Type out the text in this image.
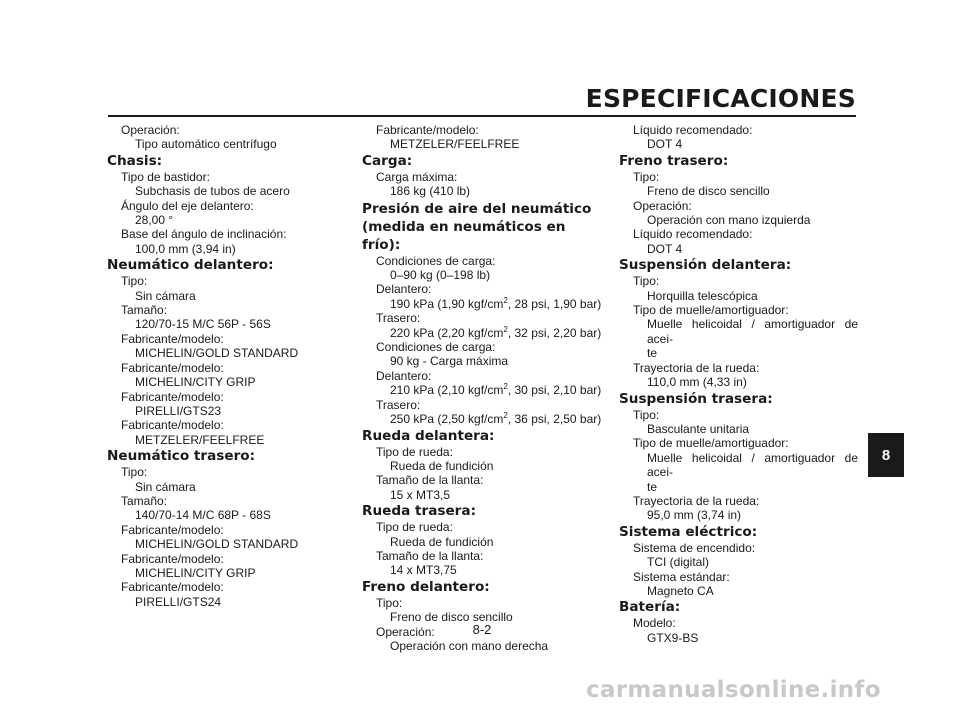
ESPECIFICACIONES
Operación:
Tipo automático centrífugo
Chasis:
Tipo de bastidor:
Subchasis de tubos de acero
Ángulo del eje delantero:
28,00 °
Base del ángulo de inclinación:
100,0 mm (3,94 in)
Neumático delantero:
Tipo:
Sin cámara
Tamaño:
120/70-15 M/C 56P - 56S
Fabricante/modelo:
MICHELIN/GOLD STANDARD
Fabricante/modelo:
MICHELIN/CITY GRIP
Fabricante/modelo:
PIRELLI/GTS23
Fabricante/modelo:
METZELER/FEELFREE
Neumático trasero:
Tipo:
Sin cámara
Tamaño:
140/70-14 M/C 68P - 68S
Fabricante/modelo:
MICHELIN/GOLD STANDARD
Fabricante/modelo:
MICHELIN/CITY GRIP
Fabricante/modelo:
PIRELLI/GTS24
Fabricante/modelo:
METZELER/FEELFREE
Carga:
Carga máxima:
186 kg (410 lb)
Presión de aire del neumático (medida en neumáticos en frío):
Condiciones de carga:
0–90 kg (0–198 lb)
Delantero:
190 kPa (1,90 kgf/$cm^2$, 28 psi, 1,90 bar)
Trasero:
220 kPa (2,20 kgf/$cm^2$, 32 psi, 2,20 bar)
Condiciones de carga:
90 kg - Carga máxima
Delantero:
210 kPa (2,10 kgf/$cm^2$, 30 psi, 2,10 bar)
Trasero:
250 kPa (2,50 kgf/$cm^2$, 36 psi, 2,50 bar)
Rueda delantera:
Tipo de rueda:
Rueda de fundición
Tamaño de la llanta:
15 x MT3,5
Rueda trasera:
Tipo de rueda:
Rueda de fundición
Tamaño de la llanta:
14 x MT3,75
Freno delantero:
Tipo:
Freno de disco sencillo
Operación:
Operación con mano derecha
Líquido recomendado:
DOT 4
Freno trasero:
Tipo:
Freno de disco sencillo
Operación:
Operación con mano izquierda
Líquido recomendado:
DOT 4
Suspensión delantera:
Tipo:
Horquilla telescópica
Tipo de muelle/amortiguador:
Muelle helicoidal / amortiguador de acei-
te
Trayectoria de la rueda:
110,0 mm (4,33 in)
Suspensión trasera:
Tipo:
Basculante unitaria
Tipo de muelle/amortiguador:
Muelle helicoidal / amortiguador de acei-
te
Trayectoria de la rueda:
95,0 mm (3,74 in)
Sistema eléctrico:
Sistema de encendido:
TCI (digital)
Sistema estándar:
Magneto CA
Batería:
Modelo:
GTX9-BS
8
8-2
carmanualsonline.info
